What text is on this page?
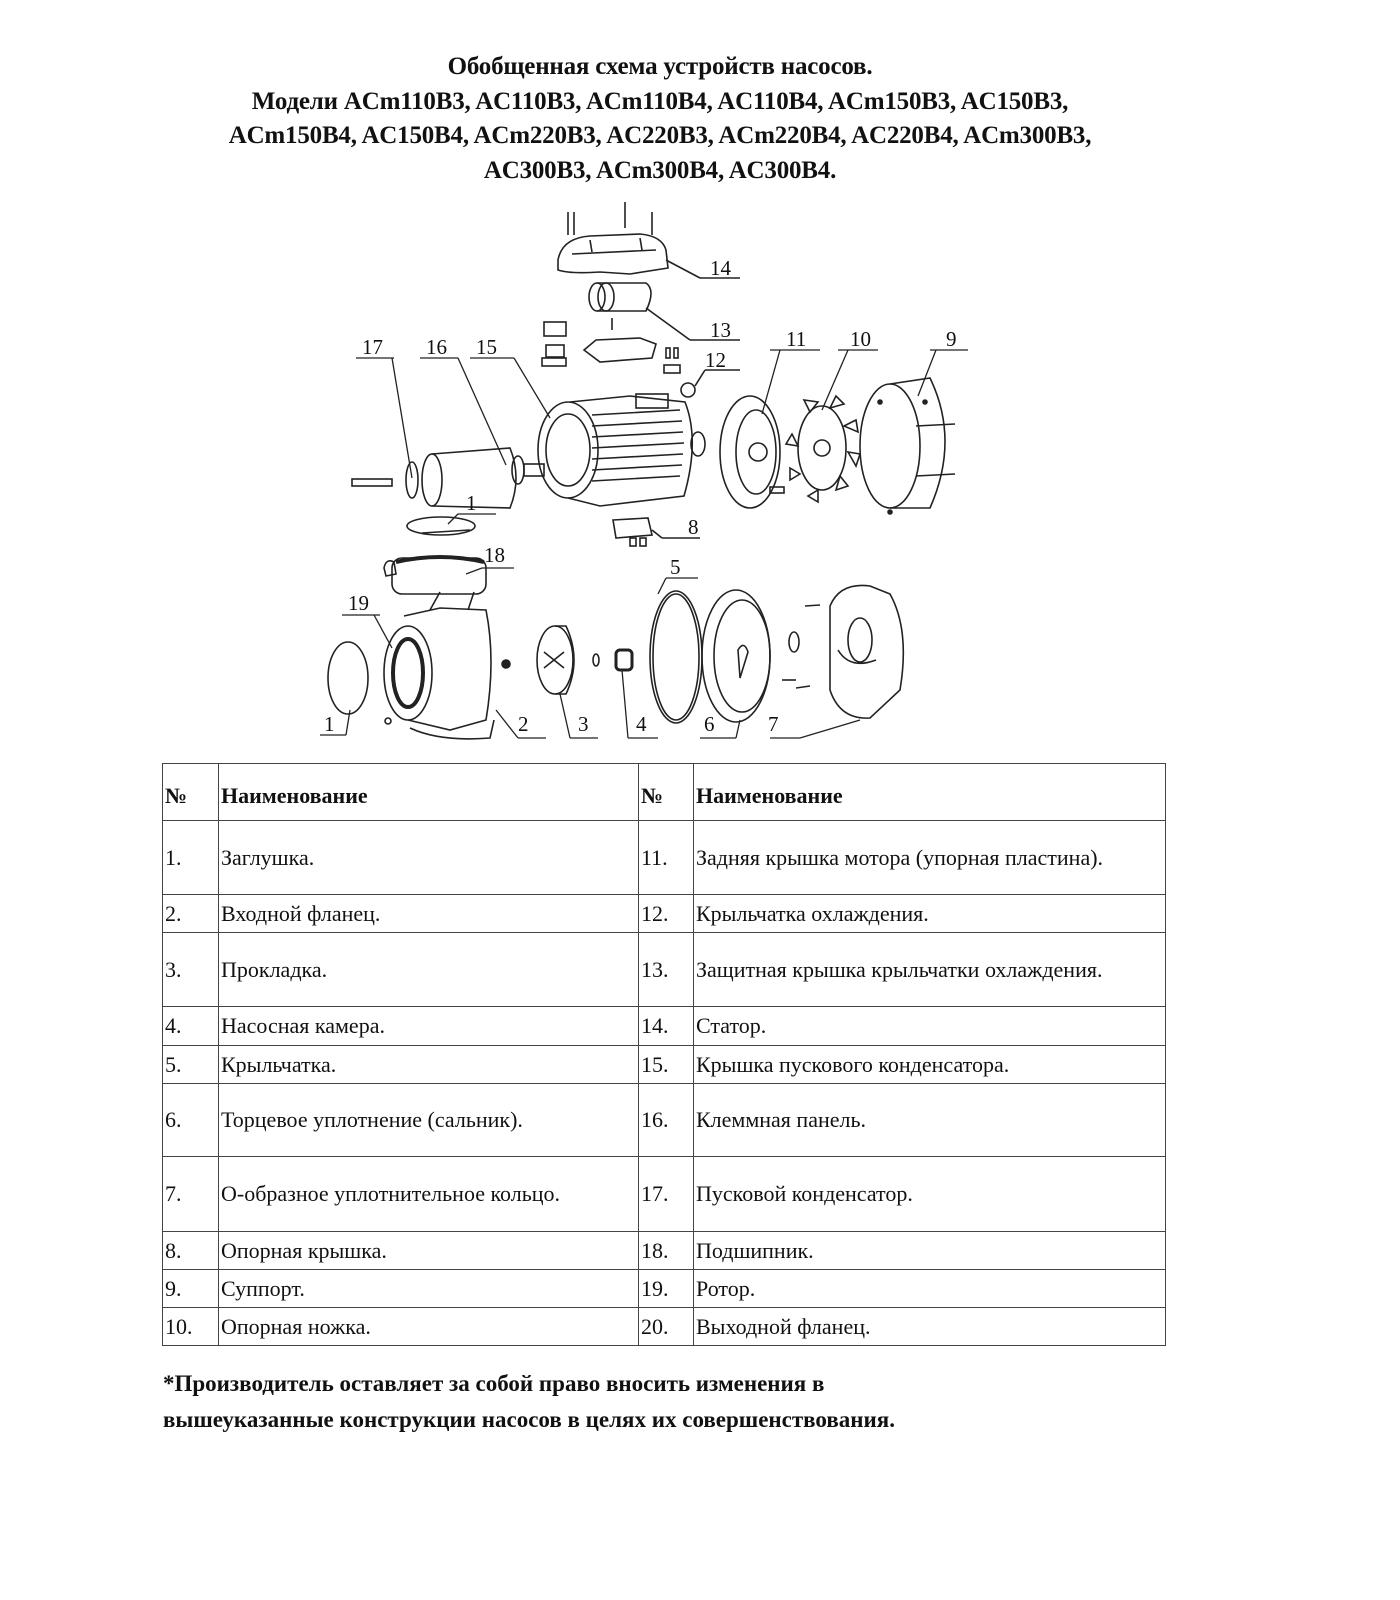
Обобщенная схема устройств насосов.
Модели ACm110B3, AC110B3, ACm110B4, AC110B4, ACm150B3, AC150B3,
ACm150B4, AC150B4, ACm220B3, AC220B3, ACm220B4, AC220B4, ACm300B3,
AC300B3, ACm300B4, AC300B4.
17 16 15
14
13
12
11 10	9
8
1
18
19
5
1	2 3 4	6	7
№	Наименование	№	Наименование
1.	Заглушка.	11.	Задняя крышка мотора (упорная пластина).
2.	Входной фланец.	12.	Крыльчатка охлаждения.
3.	Прокладка.	13.	Защитная крышка крыльчатки охлаждения.
4.	Насосная камера.	14.	Статор.
5.	Крыльчатка.	15.	Крышка пускового конденсатора.
6.	Торцевое уплотнение (сальник).	16.	Клеммная панель.
7.	О-образное уплотнительное кольцо.	17.	Пусковой конденсатор.
8.	Опорная крышка.	18.	Подшипник.
9.	Суппорт.	19.	Ротор.
10.	Опорная ножка.	20.	Выходной фланец.
*Производитель оставляет за собой право вносить изменения в
вышеуказанные конструкции насосов в целях их совершенствования.
